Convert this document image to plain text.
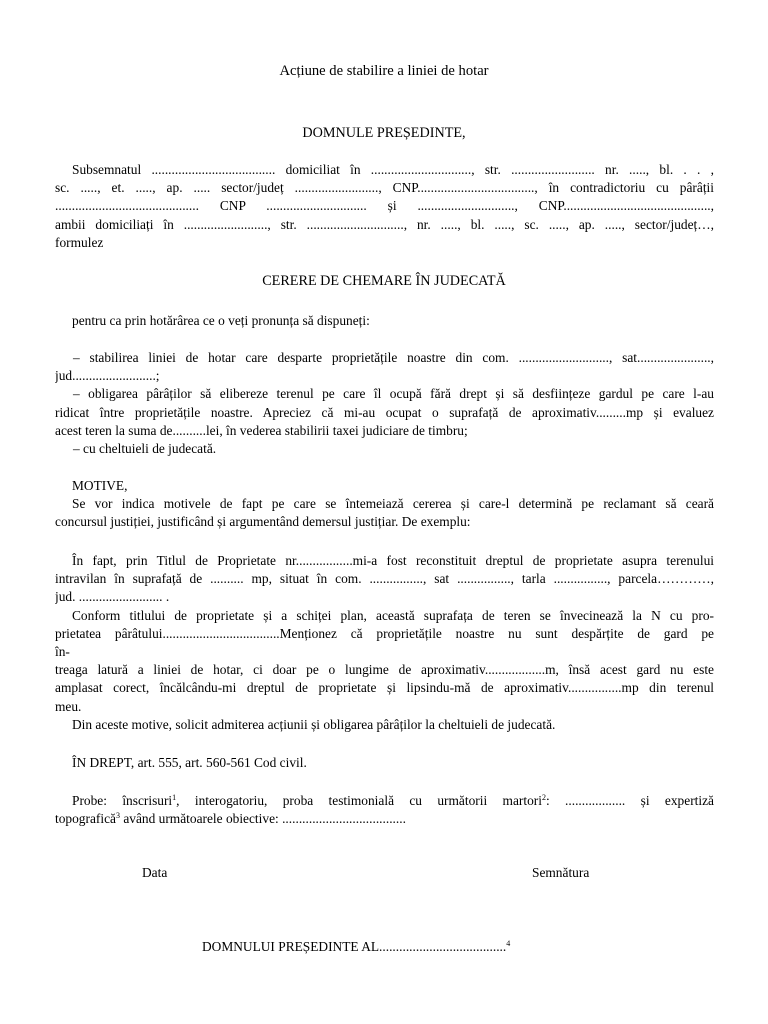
Acțiune de stabilire a liniei de hotar
DOMNULE PREȘEDINTE,
Subsemnatul ..................................... domiciliat în .............................., str. ......................... nr. ....., bl. . . ,
sc. ....., et. ....., ap. ..... sector/județ ........................., CNP..................................., în contradictoriu cu pârâții
........................................... CNP .............................. și ............................., CNP............................................,
ambii domiciliați în ........................., str. ............................., nr. ....., bl. ....., sc. ....., ap. ....., sector/județ…,
formulez
CERERE DE CHEMARE ÎN JUDECATĂ
pentru ca prin hotărârea ce o veți pronunța să dispuneți:
– stabilirea liniei de hotar care desparte proprietățile noastre din com. ..........................., sat......................,
jud.........................;
– obligarea pârâților să elibereze terenul pe care îl ocupă fără drept și să desființeze gardul pe care l-au
ridicat între proprietățile noastre. Apreciez că mi-au ocupat o suprafață de aproximativ.........mp și evaluez
acest teren la suma de..........lei, în vederea stabilirii taxei judiciare de timbru;
– cu cheltuieli de judecată.
MOTIVE,
Se vor indica motivele de fapt pe care se întemeiază cererea și care-l determină pe reclamant să ceară
concursul justiției, justificând și argumentând demersul justițiar. De exemplu:
În fapt, prin Titlul de Proprietate nr.................mi-a fost reconstituit dreptul de proprietate asupra terenului
intravilan în suprafață de .......... mp, situat în com. ................, sat ................, tarla ................, parcela…………,
jud. ......................... .
Conform titlului de proprietate și a schiței plan, această suprafața de teren se învecinează la N cu pro-
prietatea pârâtului...................................Menționez că proprietățile noastre nu sunt despărțite de gard pe
în-
treaga latură a liniei de hotar, ci doar pe o lungime de aproximativ..................m, însă acest gard nu este
amplasat corect, încălcându-mi dreptul de proprietate și lipsindu-mă de aproximativ................mp din terenul
meu.
Din aceste motive, solicit admiterea acțiunii și obligarea pârâților la cheltuieli de judecată.
ÎN DREPT, art. 555, art. 560-561 Cod civil.
Probe: înscrisuri$^1$, interogatoriu, proba testimonială cu următorii martori$^2$: .................. și expertiză
topografică$^3$ având următoarele obiective: .....................................
Data	Semnătura
DOMNULUI PREȘEDINTE AL......................................$^4$
